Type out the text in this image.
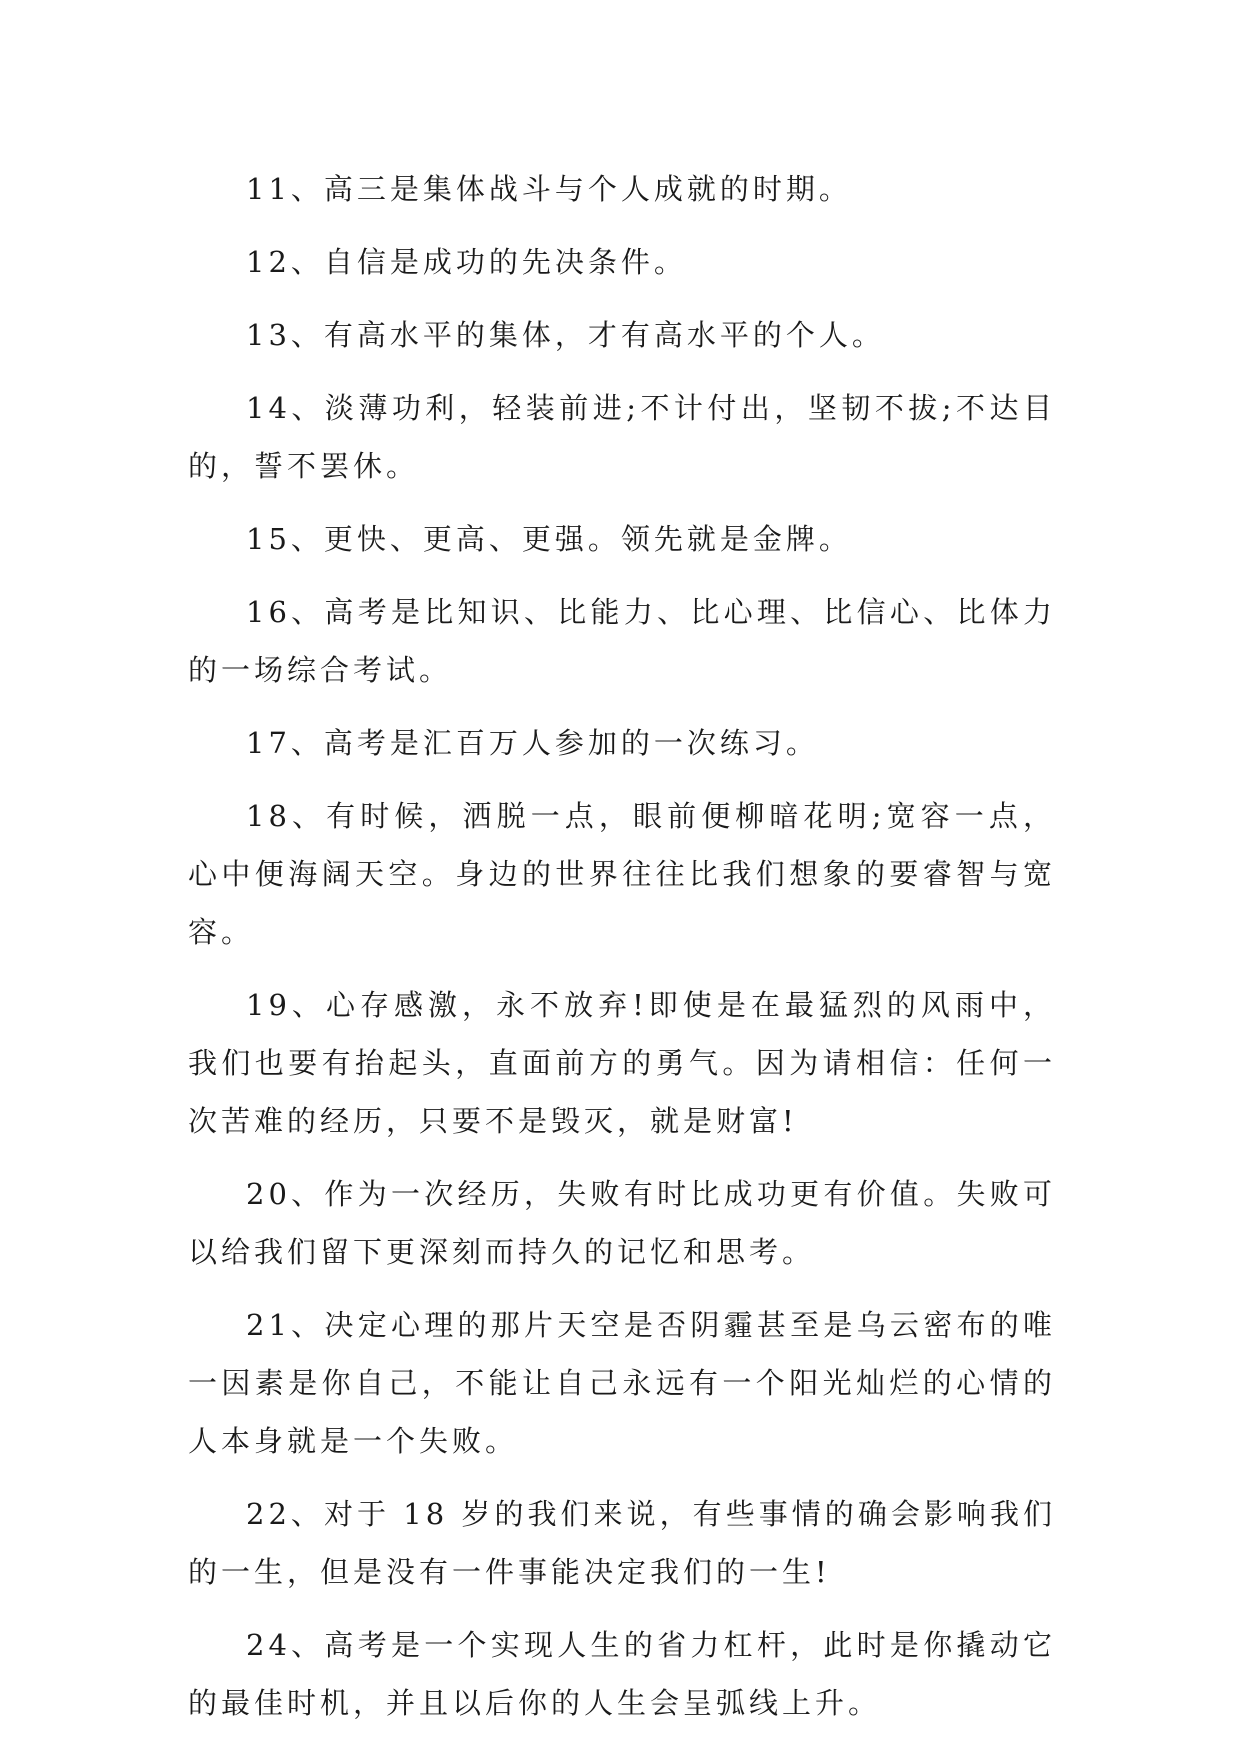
11、高三是集体战斗与个人成就的时期。

12、自信是成功的先决条件。

13、有高水平的集体，才有高水平的个人。

14、淡薄功利，轻装前进;不计付出，坚韧不拔;不达目的，誓不罢休。

15、更快、更高、更强。领先就是金牌。

16、高考是比知识、比能力、比心理、比信心、比体力的一场综合考试。

17、高考是汇百万人参加的一次练习。

18、有时候，洒脱一点，眼前便柳暗花明;宽容一点，心中便海阔天空。身边的世界往往比我们想象的要睿智与宽容。

19、心存感激，永不放弃!即使是在最猛烈的风雨中，我们也要有抬起头，直面前方的勇气。因为请相信：任何一次苦难的经历，只要不是毁灭，就是财富!

20、作为一次经历，失败有时比成功更有价值。失败可以给我们留下更深刻而持久的记忆和思考。

21、决定心理的那片天空是否阴霾甚至是乌云密布的唯一因素是你自己，不能让自己永远有一个阳光灿烂的心情的人本身就是一个失败。

22、对于 18 岁的我们来说，有些事情的确会影响我们的一生，但是没有一件事能决定我们的一生!

24、高考是一个实现人生的省力杠杆，此时是你撬动它的最佳时机，并且以后你的人生会呈弧线上升。
